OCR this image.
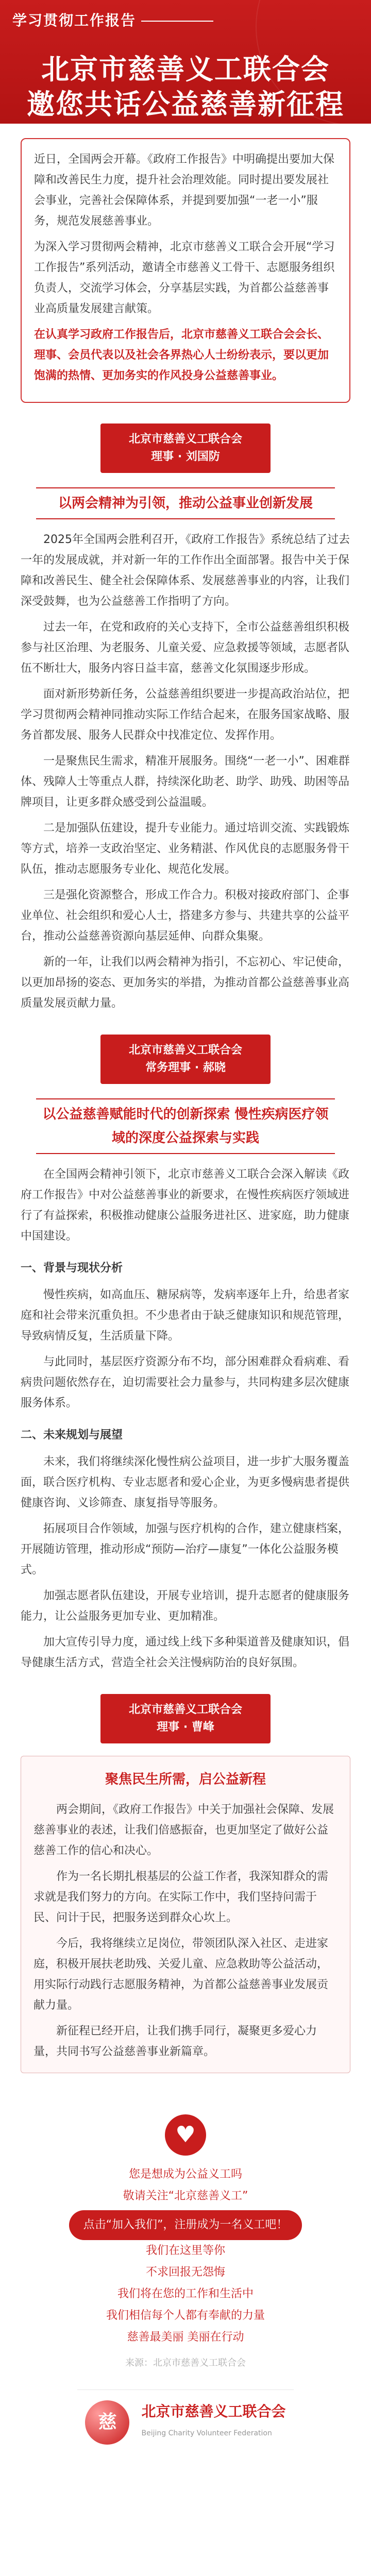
学习贯彻工作报告
北京市慈善义工联合会
邀您共话公益慈善新征程

近日，全国两会开幕。《政府工作报告》中明确提出要加大保障和改善民生力度，提升社会治理效能。同时提出要发展社会事业，完善社会保障体系，并提到要加强“一老一小”服务，规范发展慈善事业。

为深入学习贯彻两会精神，北京市慈善义工联合会开展“学习工作报告”系列活动，邀请全市慈善义工骨干、志愿服务组织负责人，交流学习体会，分享基层实践，为首都公益慈善事业高质量发展建言献策。

在认真学习政府工作报告后，北京市慈善义工联合会会长、理事、会员代表以及社会各界热心人士纷纷表示，要以更加饱满的热情、更加务实的作风投身公益慈善事业。

北京市慈善义工联合会
理事 · 刘国防
以两会精神为引领，推动公益事业创新发展

2025年全国两会胜利召开，《政府工作报告》系统总结了过去一年的发展成就，并对新一年的工作作出全面部署。报告中关于保障和改善民生、健全社会保障体系、发展慈善事业的内容，让我们深受鼓舞，也为公益慈善工作指明了方向。

过去一年，在党和政府的关心支持下，全市公益慈善组织积极参与社区治理、为老服务、儿童关爱、应急救援等领域，志愿者队伍不断壮大，服务内容日益丰富，慈善文化氛围逐步形成。

面对新形势新任务，公益慈善组织要进一步提高政治站位，把学习贯彻两会精神同推动实际工作结合起来，在服务国家战略、服务首都发展、服务人民群众中找准定位、发挥作用。

一是聚焦民生需求，精准开展服务。围绕“一老一小”、困难群体、残障人士等重点人群，持续深化助老、助学、助残、助困等品牌项目，让更多群众感受到公益温暖。

二是加强队伍建设，提升专业能力。通过培训交流、实践锻炼等方式，培养一支政治坚定、业务精湛、作风优良的志愿服务骨干队伍，推动志愿服务专业化、规范化发展。

三是强化资源整合，形成工作合力。积极对接政府部门、企事业单位、社会组织和爱心人士，搭建多方参与、共建共享的公益平台，推动公益慈善资源向基层延伸、向群众集聚。

新的一年，让我们以两会精神为指引，不忘初心、牢记使命，以更加昂扬的姿态、更加务实的举措，为推动首都公益慈善事业高质量发展贡献力量。

北京市慈善义工联合会
常务理事 · 郝晓
以公益慈善赋能时代的创新探索 慢性疾病医疗领域的深度公益探索与实践

在全国两会精神引领下，北京市慈善义工联合会深入解读《政府工作报告》中对公益慈善事业的新要求，在慢性疾病医疗领域进行了有益探索，积极推动健康公益服务进社区、进家庭，助力健康中国建设。

一、背景与现状分析

慢性疾病，如高血压、糖尿病等，发病率逐年上升，给患者家庭和社会带来沉重负担。不少患者由于缺乏健康知识和规范管理，导致病情反复，生活质量下降。

与此同时，基层医疗资源分布不均，部分困难群众看病难、看病贵问题依然存在，迫切需要社会力量参与，共同构建多层次健康服务体系。

二、未来规划与展望

未来，我们将继续深化慢性病公益项目，进一步扩大服务覆盖面，联合医疗机构、专业志愿者和爱心企业，为更多慢病患者提供健康咨询、义诊筛查、康复指导等服务。

拓展项目合作领域，加强与医疗机构的合作，建立健康档案，开展随访管理，推动形成“预防—治疗—康复”一体化公益服务模式。

加强志愿者队伍建设，开展专业培训，提升志愿者的健康服务能力，让公益服务更加专业、更加精准。

加大宣传引导力度，通过线上线下多种渠道普及健康知识，倡导健康生活方式，营造全社会关注慢病防治的良好氛围。

北京市慈善义工联合会
理事 · 曹峰
聚焦民生所需，启公益新程

两会期间，《政府工作报告》中关于加强社会保障、发展慈善事业的表述，让我们倍感振奋，也更加坚定了做好公益慈善工作的信心和决心。

作为一名长期扎根基层的公益工作者，我深知群众的需求就是我们努力的方向。在实际工作中，我们坚持问需于民、问计于民，把服务送到群众心坎上。

今后，我将继续立足岗位，带领团队深入社区、走进家庭，积极开展扶老助残、关爱儿童、应急救助等公益活动，用实际行动践行志愿服务精神，为首都公益慈善事业发展贡献力量。

新征程已经开启，让我们携手同行，凝聚更多爱心力量，共同书写公益慈善事业新篇章。

♥
您是想成为公益义工吗
敬请关注“北京慈善义工”
点击“加入我们”，注册成为一名义工吧！
我们在这里等你
不求回报无怨悔
我们将在您的工作和生活中
我们相信每个人都有奉献的力量
慈善最美丽 美丽在行动
来源：北京市慈善义工联合会
慈
北京市慈善义工联合会
Beijing Charity Volunteer Federation
